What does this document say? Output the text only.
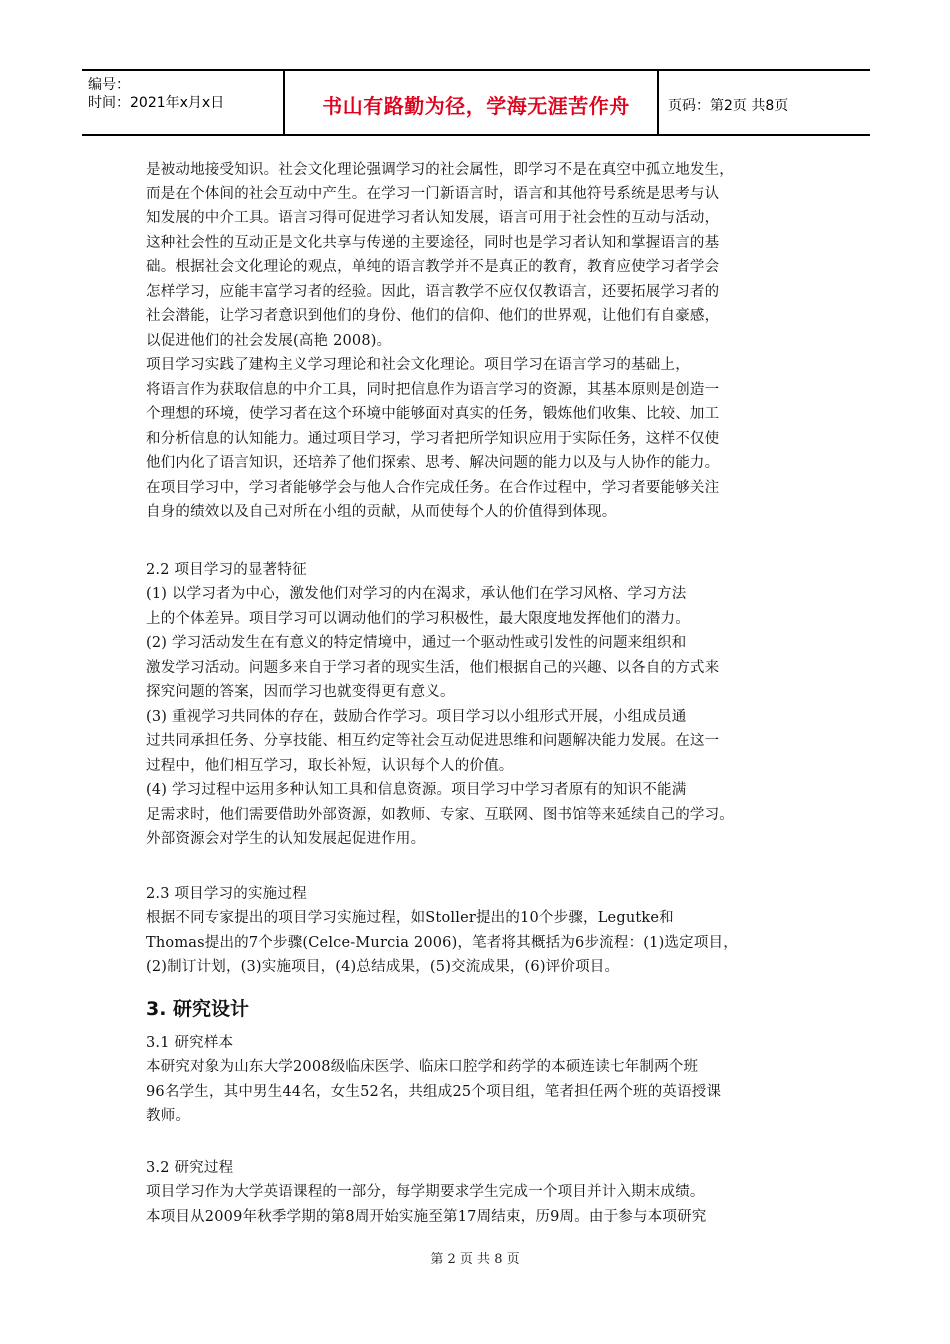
编号：
时间：2021年x月x日	书山有路勤为径，学海无涯苦作舟	页码：第2页 共8页
是被动地接受知识。社会文化理论强调学习的社会属性，即学习不是在真空中孤立地发生，
而是在个体间的社会互动中产生。在学习一门新语言时，语言和其他符号系统是思考与认
知发展的中介工具。语言习得可促进学习者认知发展，语言可用于社会性的互动与活动，
这种社会性的互动正是文化共享与传递的主要途径，同时也是学习者认知和掌握语言的基
础。根据社会文化理论的观点，单纯的语言教学并不是真正的教育，教育应使学习者学会
怎样学习，应能丰富学习者的经验。因此，语言教学不应仅仅教语言，还要拓展学习者的
社会潜能，让学习者意识到他们的身份、他们的信仰、他们的世界观，让他们有自豪感，
以促进他们的社会发展(高艳 2008)。
项目学习实践了建构主义学习理论和社会文化理论。项目学习在语言学习的基础上，
将语言作为获取信息的中介工具，同时把信息作为语言学习的资源，其基本原则是创造一
个理想的环境，使学习者在这个环境中能够面对真实的任务，锻炼他们收集、比较、加工
和分析信息的认知能力。通过项目学习，学习者把所学知识应用于实际任务，这样不仅使
他们内化了语言知识，还培养了他们探索、思考、解决问题的能力以及与人协作的能力。
在项目学习中，学习者能够学会与他人合作完成任务。在合作过程中，学习者要能够关注
自身的绩效以及自己对所在小组的贡献，从而使每个人的价值得到体现。
2.2 项目学习的显著特征
(1) 以学习者为中心，激发他们对学习的内在渴求，承认他们在学习风格、学习方法
上的个体差异。项目学习可以调动他们的学习积极性，最大限度地发挥他们的潜力。
(2) 学习活动发生在有意义的特定情境中，通过一个驱动性或引发性的问题来组织和
激发学习活动。问题多来自于学习者的现实生活，他们根据自己的兴趣、以各自的方式来
探究问题的答案，因而学习也就变得更有意义。
(3) 重视学习共同体的存在，鼓励合作学习。项目学习以小组形式开展，小组成员通
过共同承担任务、分享技能、相互约定等社会互动促进思维和问题解决能力发展。在这一
过程中，他们相互学习，取长补短，认识每个人的价值。
(4) 学习过程中运用多种认知工具和信息资源。项目学习中学习者原有的知识不能满
足需求时，他们需要借助外部资源，如教师、专家、互联网、图书馆等来延续自己的学习。
外部资源会对学生的认知发展起促进作用。
2.3 项目学习的实施过程
根据不同专家提出的项目学习实施过程，如Stoller提出的10个步骤，Legutke和
Thomas提出的7个步骤(Celce-Murcia 2006)，笔者将其概括为6步流程：(1)选定项目，
(2)制订计划，(3)实施项目，(4)总结成果，(5)交流成果，(6)评价项目。
3. 研究设计
3.1 研究样本
本研究对象为山东大学2008级临床医学、临床口腔学和药学的本硕连读七年制两个班
96名学生，其中男生44名，女生52名，共组成25个项目组，笔者担任两个班的英语授课
教师。
3.2 研究过程
项目学习作为大学英语课程的一部分，每学期要求学生完成一个项目并计入期末成绩。
本项目从2009年秋季学期的第8周开始实施至第17周结束，历9周。由于参与本项研究
第 2 页 共 8 页
